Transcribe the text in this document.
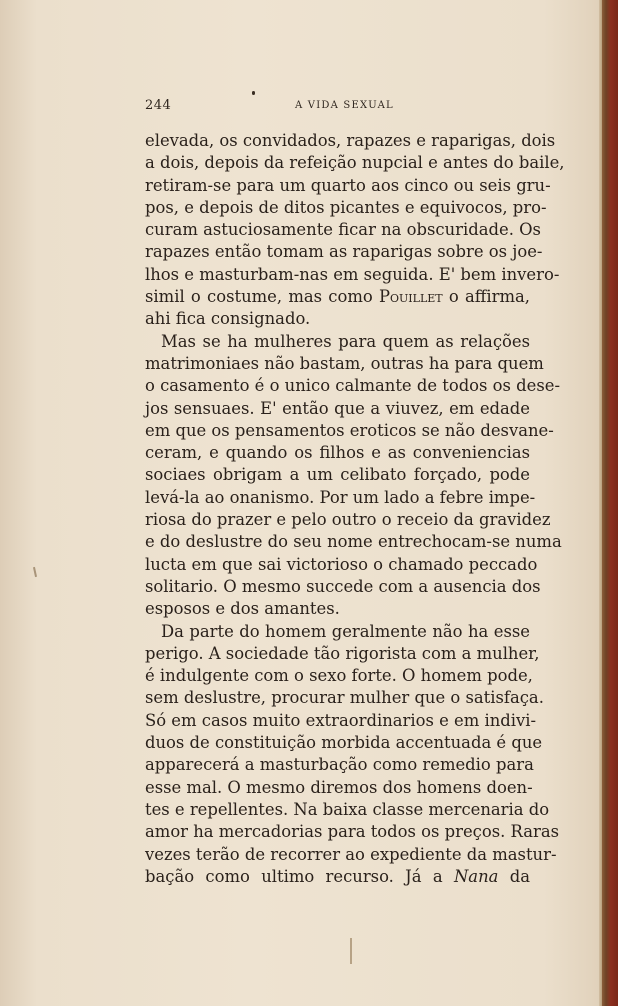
244	A VIDA SEXUAL
elevada, os convidados, rapazes e raparigas, dois
a dois, depois da refeição nupcial e antes do baile,
retiram-se para um quarto aos cinco ou seis gru-
pos, e depois de ditos picantes e equivocos, pro-
curam astuciosamente ficar na obscuridade. Os
rapazes então tomam as raparigas sobre os joe-
lhos e masturbam-nas em seguida. E' bem invero-
simil o costume, mas como Pouillet o affirma,
ahi fica consignado.
Mas se ha mulheres para quem as relações
matrimoniaes não bastam, outras ha para quem
o casamento é o unico calmante de todos os dese-
jos sensuaes. E' então que a viuvez, em edade
em que os pensamentos eroticos se não desvane-
ceram, e quando os filhos e as conveniencias
sociaes obrigam a um celibato forçado, pode
levá-la ao onanismo. Por um lado a febre impe-
riosa do prazer e pelo outro o receio da gravidez
e do deslustre do seu nome entrechocam-se numa
lucta em que sai victorioso o chamado peccado
solitario. O mesmo succede com a ausencia dos
esposos e dos amantes.
Da parte do homem geralmente não ha esse
perigo. A sociedade tão rigorista com a mulher,
é indulgente com o sexo forte. O homem pode,
sem deslustre, procurar mulher que o satisfaça.
Só em casos muito extraordinarios e em indivi-
duos de constituição morbida accentuada é que
apparecerá a masturbação como remedio para
esse mal. O mesmo diremos dos homens doen-
tes e repellentes. Na baixa classe mercenaria do
amor ha mercadorias para todos os preços. Raras
vezes terão de recorrer ao expediente da mastur-
bação como ultimo recurso. Já a Nana da
